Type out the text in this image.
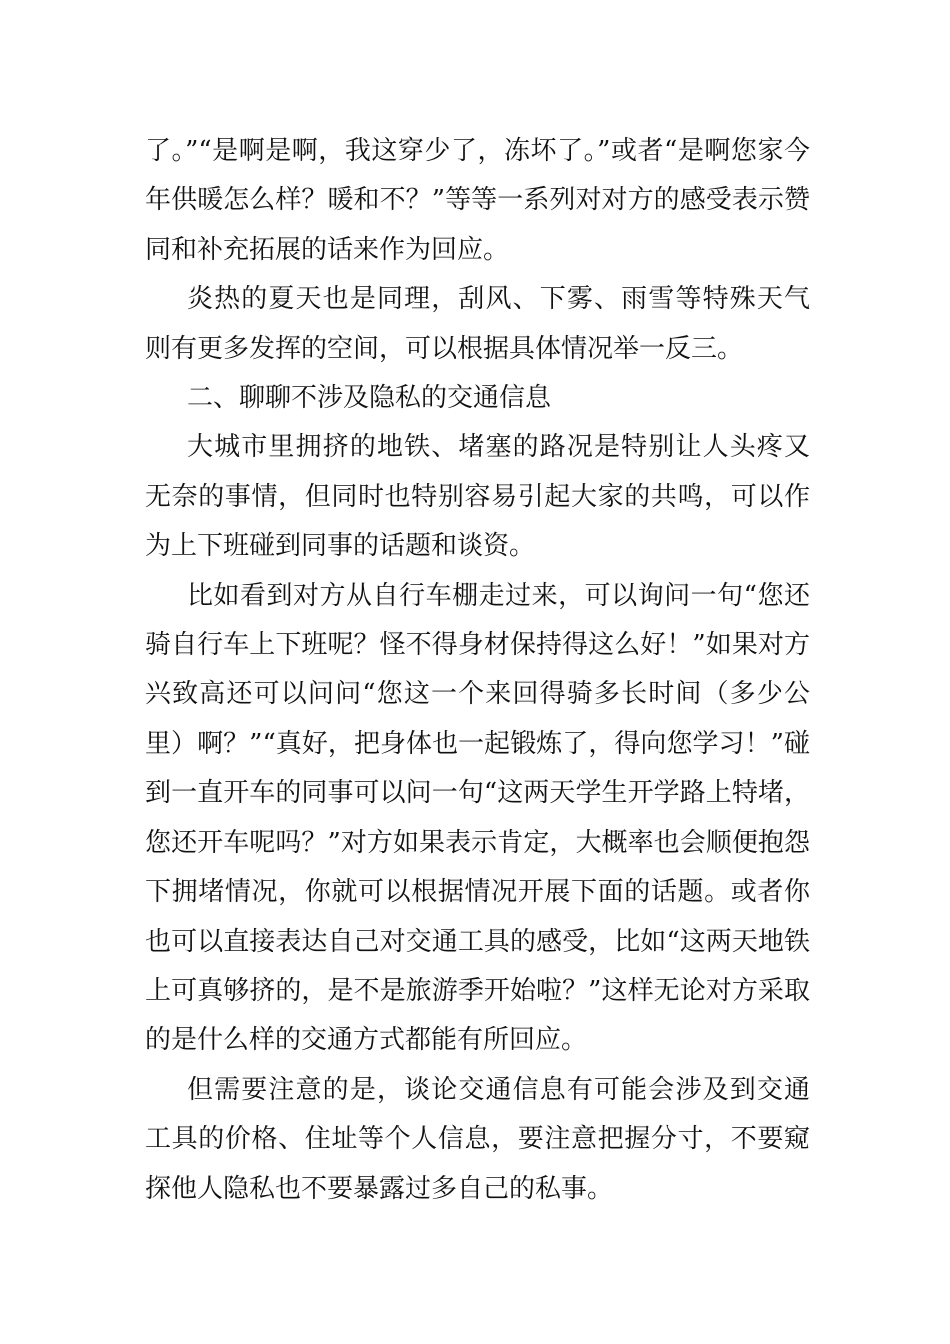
了。”“是啊是啊，我这穿少了，冻坏了。”或者“是啊您家今年供暖怎么样？暖和不？”等等一系列对对方的感受表示赞同和补充拓展的话来作为回应。

炎热的夏天也是同理，刮风、下雾、雨雪等特殊天气则有更多发挥的空间，可以根据具体情况举一反三。

二、聊聊不涉及隐私的交通信息

大城市里拥挤的地铁、堵塞的路况是特别让人头疼又无奈的事情，但同时也特别容易引起大家的共鸣，可以作为上下班碰到同事的话题和谈资。

比如看到对方从自行车棚走过来，可以询问一句“您还骑自行车上下班呢？怪不得身材保持得这么好！”如果对方兴致高还可以问问“您这一个来回得骑多长时间（多少公里）啊？”“真好，把身体也一起锻炼了，得向您学习！”碰到一直开车的同事可以问一句“这两天学生开学路上特堵，您还开车呢吗？”对方如果表示肯定，大概率也会顺便抱怨下拥堵情况，你就可以根据情况开展下面的话题。或者你也可以直接表达自己对交通工具的感受，比如“这两天地铁上可真够挤的，是不是旅游季开始啦？”这样无论对方采取的是什么样的交通方式都能有所回应。

但需要注意的是，谈论交通信息有可能会涉及到交通工具的价格、住址等个人信息，要注意把握分寸，不要窥探他人隐私也不要暴露过多自己的私事。
